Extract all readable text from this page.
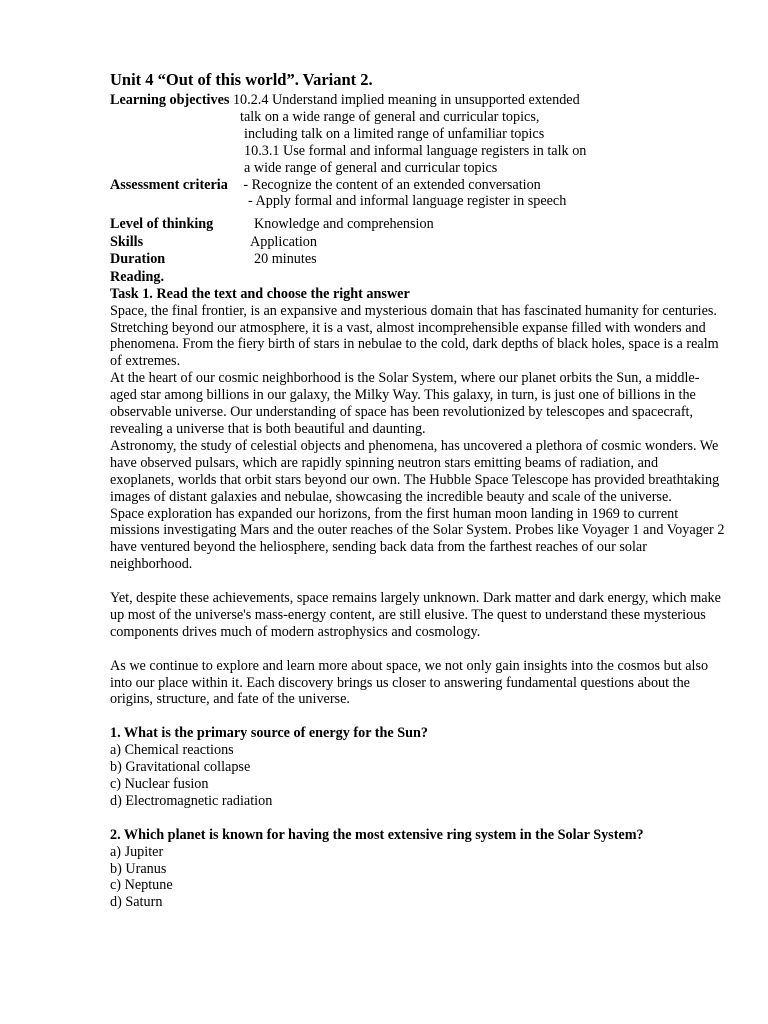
Unit 4 “Out of this world”. Variant 2.
Learning objectives 10.2.4 Understand implied meaning in unsupported extended
talk on a wide range of general and curricular topics,
including talk on a limited range of unfamiliar topics
10.3.1 Use formal and informal language registers in talk on
a wide range of general and curricular topics
Assessment criteria - Recognize the content of an extended conversation
- Apply formal and informal language register in speech
Level of thinking	Knowledge and comprehension
Skills	Application
Duration	20 minutes
Reading.
Task 1. Read the text and choose the right answer

Space, the final frontier, is an expansive and mysterious domain that has fascinated humanity for centuries. Stretching beyond our atmosphere, it is a vast, almost incomprehensible expanse filled with wonders and phenomena. From the fiery birth of stars in nebulae to the cold, dark depths of black holes, space is a realm of extremes.

At the heart of our cosmic neighborhood is the Solar System, where our planet orbits the Sun, a middle-aged star among billions in our galaxy, the Milky Way. This galaxy, in turn, is just one of billions in the observable universe. Our understanding of space has been revolutionized by telescopes and spacecraft, revealing a universe that is both beautiful and daunting.

Astronomy, the study of celestial objects and phenomena, has uncovered a plethora of cosmic wonders. We have observed pulsars, which are rapidly spinning neutron stars emitting beams of radiation, and exoplanets, worlds that orbit stars beyond our own. The Hubble Space Telescope has provided breathtaking images of distant galaxies and nebulae, showcasing the incredible beauty and scale of the universe.

Space exploration has expanded our horizons, from the first human moon landing in 1969 to current missions investigating Mars and the outer reaches of the Solar System. Probes like Voyager 1 and Voyager 2 have ventured beyond the heliosphere, sending back data from the farthest reaches of our solar neighborhood.

Yet, despite these achievements, space remains largely unknown. Dark matter and dark energy, which make up most of the universe's mass-energy content, are still elusive. The quest to understand these mysterious components drives much of modern astrophysics and cosmology.

As we continue to explore and learn more about space, we not only gain insights into the cosmos but also into our place within it. Each discovery brings us closer to answering fundamental questions about the origins, structure, and fate of the universe.

1. What is the primary source of energy for the Sun?

a) Chemical reactions

b) Gravitational collapse

c) Nuclear fusion

d) Electromagnetic radiation

2. Which planet is known for having the most extensive ring system in the Solar System?

a) Jupiter

b) Uranus

c) Neptune

d) Saturn
